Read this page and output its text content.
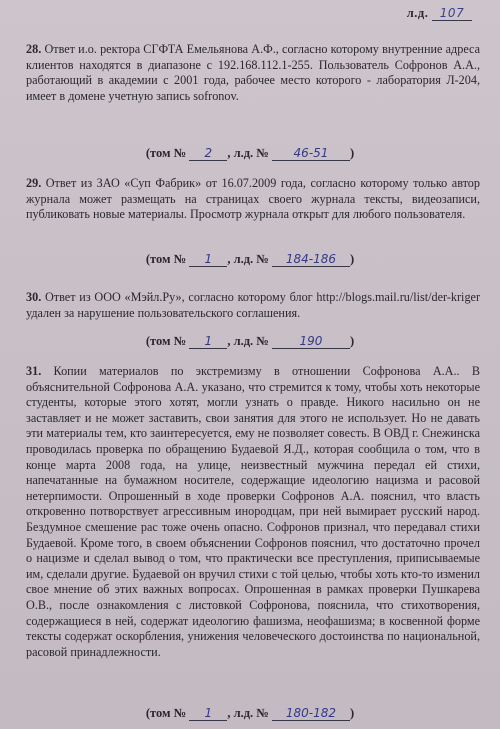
л.д. 107
28. Ответ и.о. ректора СГФТА Емельянова А.Ф., согласно которому внутренние адреса клиентов находятся в диапазоне с 192.168.112.1-255. Пользователь Софронов А.А., работающий в академии с 2001 года, рабочее место которого - лаборатория Л-204, имеет в домене учетную запись sofronov.
(том № 2 , л.д. № 46-51 )
29. Ответ из ЗАО «Суп Фабрик» от 16.07.2009 года, согласно которому только автор журнала может размещать на страницах своего журнала тексты, видеозаписи, публиковать новые материалы. Просмотр журнала открыт для любого пользователя.
(том № 1 , л.д. № 184-186 )
30. Ответ из ООО «Мэйл.Ру», согласно которому блог http://blogs.mail.ru/list/der-kriger удален за нарушение пользовательского соглашения.
(том № 1 , л.д. №	190 )
31. Копии материалов по экстремизму в отношении Софронова А.А.. В объяснительной Софронова А.А. указано, что стремится к тому, чтобы хоть некоторые студенты, которые этого хотят, могли узнать о правде. Никого насильно он не заставляет и не может заставить, свои занятия для этого не использует. Но не давать эти материалы тем, кто заинтересуется, ему не позволяет совесть. В ОВД г. Снежинска проводилась проверка по обращению Будаевой Я.Д., которая сообщила о том, что в конце марта 2008 года, на улице, неизвестный мужчина передал ей стихи, напечатанные на бумажном носителе, содержащие идеологию нацизма и расовой нетерпимости. Опрошенный в ходе проверки Софронов А.А. пояснил, что власть откровенно потворствует агрессивным инородцам, при ней вымирает русский народ. Бездумное смешение рас тоже очень опасно. Софронов признал, что передавал стихи Будаевой. Кроме того, в своем объяснении Софронов пояснил, что достаточно прочел о нацизме и сделал вывод о том, что практически все преступления, приписываемые им, сделали другие. Будаевой он вручил стихи с той целью, чтобы хоть кто-то изменил свое мнение об этих важных вопросах. Опрошенная в рамках проверки Пушкарева О.В., после ознакомления с листовкой Софронова, пояснила, что стихотворения, содержащиеся в ней, содержат идеологию фашизма, неофашизма; в косвенной форме тексты содержат оскорбления, унижения человеческого достоинства по национальной, расовой принадлежности.
(том № 1 , л.д. № 180-182 )
